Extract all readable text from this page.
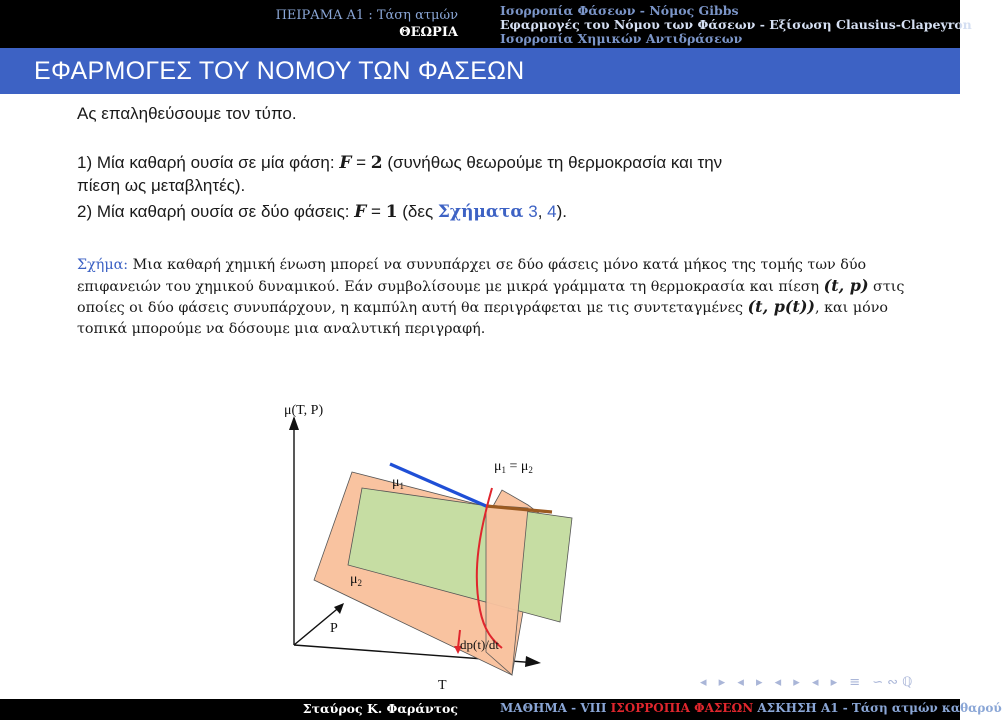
ΠΕΙΡΑΜΑ Α1 : Τάση ατμών
ΘΕΩΡΙΑ
Ισορροπία Φάσεων - Νόμος Gibbs
Εφαρμογές του Νόμου των Φάσεων - Εξίσωση Clausius-Clapeyron
Ισορροπία Χημικών Αντιδράσεων
ΕΦΑΡΜΟΓΕΣ ΤΟΥ ΝΟΜΟΥ ΤΩΝ ΦΑΣΕΩΝ
Ας επαληθεύσουμε τον τύπο.
1) Μία καθαρή ουσία σε μία φάση: F = 2 (συνήθως θεωρούμε τη θερμοκρασία και την
πίεση ως μεταβλητές).
2) Μία καθαρή ουσία σε δύο φάσεις: F = 1 (δες Σχήματα 3, 4).
Σχήμα: Μια καθαρή χημική ένωση μπορεί να συνυπάρχει σε δύο φάσεις μόνο κατά μήκος της τομής των δύο επιφανειών του χημικού δυναμικού. Εάν συμβολίσουμε με μικρά γράμματα τη θερμοκρασία και πίεση (t, p) στις οποίες οι δύο φάσεις συνυπάρχουν, η καμπύλη αυτή θα περιγράφεται με τις συντεταγμένες (t, p(t)), και μόνο τοπικά μπορούμε να δόσουμε μια αναλυτική περιγραφή.
μ(T, P)
$\mu_1$
$\mu_1 = \mu_2$
$\mu_2$
P
T
dp(t)/dt
◂ ▸ ◂ ▸ ◂ ▸ ◂ ▸ ≡ ∽∾ℚ
Σταύρος Κ. Φαράντος	ΜΑΘΗΜΑ - VIII ΙΣΟΡΡΟΠΙΑ ΦΑΣΕΩΝ ΑΣΚΗΣΗ Α1 - Τάση ατμών καθαρού
